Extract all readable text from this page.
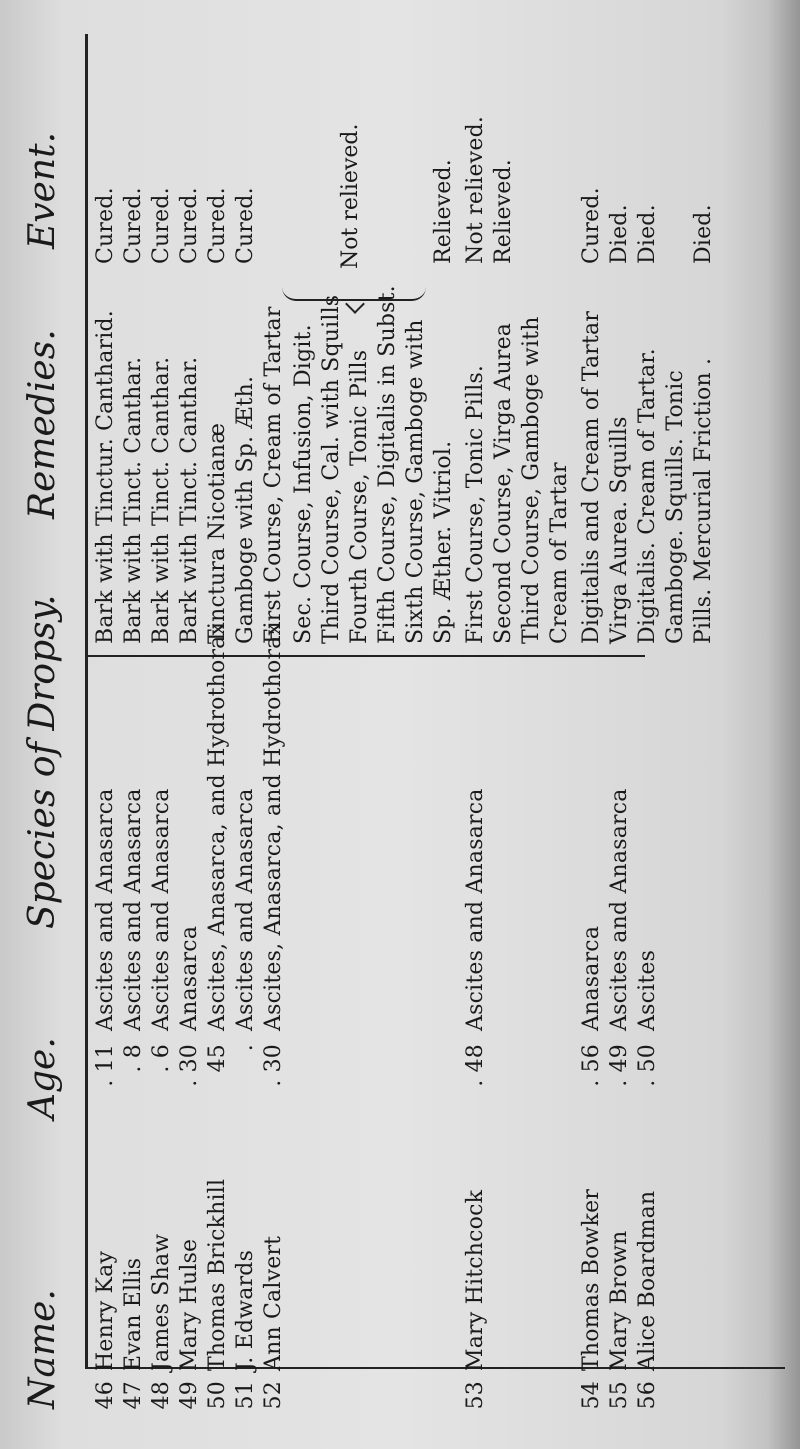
Name.
Age.
Species of Dropsy.
Remedies.
Event.
46
Henry Kay
. 11
Ascites and Anasarca
Bark with Tinctur. Cantharid.
Cured.
47
Evan Ellis
. 8
Ascites and Anasarca
Bark with Tinct. Canthar.
Cured.
48
James Shaw
. 6
Ascites and Anasarca
Bark with Tinct. Canthar.
Cured.
49
Mary Hulse
. 30
Anasarca
Bark with Tinct. Canthar.
Cured.
50
Thomas Brickhill
45
Ascites, Anasarca, and Hydrothorax
Tinctura Nicotianæ
Cured.
51
J. Edwards
.
Ascites and Anasarca
Gamboge with Sp. Æth.
Cured.
52
Ann Calvert
. 30
Ascites, Anasarca, and Hydrothorax
First Course, Cream of Tartar Sec. Course, Infusion, Digit. Third Course, Cal. with Squills Fourth Course, Tonic Pills Fifth Course, Digitalis in Subst. Sixth Course, Gamboge with Sp. Æther. Vitriol.
Relieved.
53
Mary Hitchcock
. 48
Ascites and Anasarca
First Course, Tonic Pills.
Not relieved.
Second Course, Virga Aurea
Relieved.
Third Course, Gamboge with Cream of Tartar
54
Thomas Bowker
. 56
Anasarca
Digitalis and Cream of Tartar
Cured.
55
Mary Brown
. 49
Ascites and Anasarca
Virga Aurea. Squills
Died.
56
Alice Boardman
. 50
Ascites
Digitalis. Cream of Tartar.
Died.
Gamboge. Squills. Tonic Pills. Mercurial Friction .
Died.
Not relieved.
